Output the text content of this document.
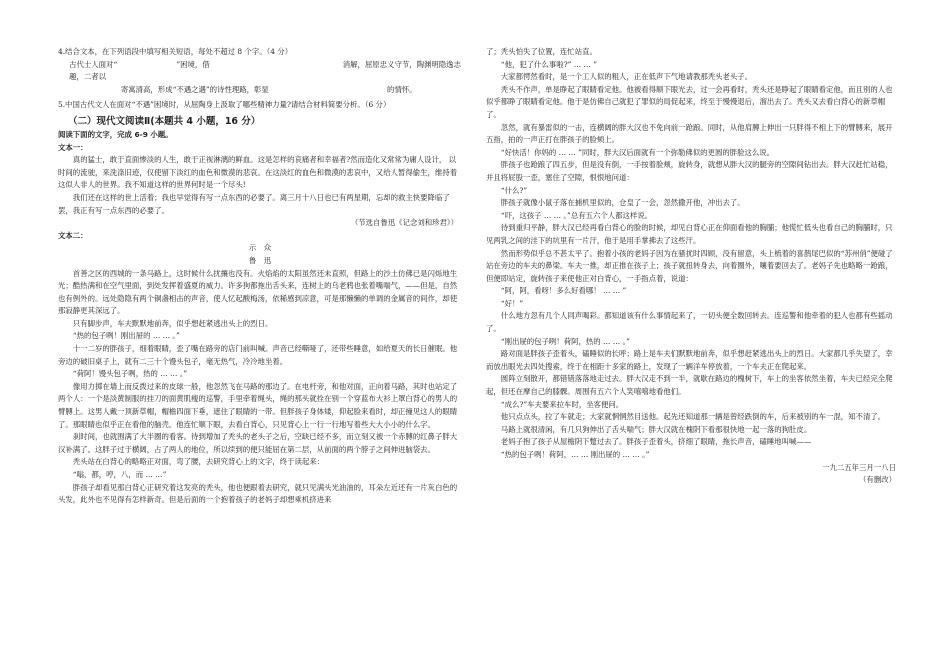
4.结合文本，在下列语段中填写相关短语，每处不超过 8 个字。（4 分）

古代士人面对“　　　　　　　　”困境，借　　　　　　　　　　　　　　　　　　消解，屈原忠义守节，陶渊明隐逸志趣，二者以

　　　　　　　寄寓清高，形成“不遇之遇”的诗性理路，彰显　　　　　　　　　　　　　　　　的情怀。

5.中国古代文人在面对“不遇”困境时，从屈陶身上汲取了哪些精神力量?请结合材料简要分析。（6 分）

（二）现代文阅读Ⅱ(本题共 4 小题，16 分）

阅读下面的文字，完成 6-9 小题。

文本一：

真的猛士，敢于直面惨淡的人生，敢于正视淋漓的鲜血。这是怎样的哀痛者和幸福者?然而造化又常常为庸人设计， 以时间的流驶，来洗涤旧迹，仅使留下淡红的血色和微漠的悲哀。在这淡红的血色和微漠的悲哀中，又给人暂得偷生，维持着这似人非人的世界。我不知道这样的世界何时是一个尽头!

我们还在这样的世上活着；我也早觉得有写一点东西的必要了。离三月十八日也已有两星期，忘却的救主快要降临了罢，我正有写一点东西的必要了。

（节选自鲁迅《记念刘和珍君》）

文本二：

示　众

鲁　迅

首善之区的西城的一条马路上，这时候什么扰攘也没有。火焰焰的太阳虽然还未直照，但路上的沙土仿佛已是闪烁地生光；酷热满和在空气里面，到处发挥着盛夏的威力。许多狗都拖出舌头来，连树上的乌老鸦也张着嘴喘气，——但是，自然也有例外的。远处隐隐有两个铜盏相击的声音，使人忆起酸梅汤，依稀感到凉意，可是那懒懒的单调的金属音的间作，却使那寂静更其深远了。

只有脚步声，车夫默默地前奔，似乎想赶紧逃出头上的烈日。

“热的包子咧！刚出屉的 … … 。”

十一二岁的胖孩子，细着眼睛，歪了嘴在路旁的店门前叫喊。声音已经嘶哑了，还带些睡意，如给夏天的长日催眠。他旁边的破旧桌子上，就有二三十个馒头包子，毫无热气，冷冷地坐着。

“荷阿！馒头包子咧，热的 … … 。”

像用力掷在墙上而反拨过来的皮球一般，他忽然飞在马路的那边了。在电杆旁，和他对面，正向着马路，其时也站定了两个人：一个是淡黄制服的挂刀的面黄肌瘦的巡警，手里牵着绳头，绳的那头就拴在别一个穿蓝布大衫上罩白背心的男人的臂膊上。这男人戴一顶新草帽，帽檐四面下垂，遮住了眼睛的一带。但胖孩子身体矮，仰起脸来看时，却正撞见这人的眼睛了。那眼睛也似乎正在看他的脑壳。他连忙顺下眼，去看白背心，只见背心上一行一行地写着些大大小小的什么字。

刹时间，也就围满了大半圈的看客。待到增加了秃头的老头子之后，空缺已经不多，而立刻又被一个赤膊的红鼻子胖大汉补满了。这胖子过于横阔，占了两人的地位，所以续到的便只能屈在第二层，从前面的两个脖子之间伸进脑袋去。

秃头站在白背心的略略正对面，弯了腰，去研究背心上的文字，终于读起来：

“嗡，都，哼，八，而 … …”

胖孩子却看见那白背心正研究着这发亮的秃头，他也便跟着去研究，就只见满头光油油的，耳朵左近还有一片灰白色的头发，此外也不见得有怎样新奇。但是后面的一个抱着孩子的老妈子却想乘机挤进来

了；秃头怕失了位置，连忙站直。

“他，犯了什么事啦?” … … ”

大家都愕然看时，是一个工人似的粗人，正在低声下气地请教那秃头老头子。

秃头不作声，单是睁起了眼睛看定他。他被看得顺下眼光去，过一会再看时，秃头还是睁起了眼睛看定他，而且别的人也似乎都睁了眼睛看定他。他于是仿佛自己就犯了罪似的局促起来，终至于慢慢退后，溜出去了。秃头又去看白背心的新草帽了。

忽然，就有暴雷似的一击，连横阔的胖大汉也不免向前一跄踉。同时，从他肩膊上伸出一只胖得不相上下的臂膊来，展开五指，拍的一声正打在胖孩子的脸颊上。

“好快活！你妈的 … … ”同时，胖大汉后面就有一个弥勒佛似的更圆的胖脸这么说。

胖孩子也跄踉了四五步，但是没有倒，一手按着脸颊，旋转身，就想从胖大汉的腿旁的空隙间钻出去。胖大汉赶忙站稳，并且将屁股一歪，塞住了空隙，恨恨地问道：

“什么?”

胖孩子就像小鼠子落在捕机里似的，仓皇了一会，忽然撒开他，冲出去了。

“吓，这孩子 … … 。”总有五六个人都这样说。

待到重归平静，胖大汉已经再看白背心的脸的时候，却见白背心正在仰面看他的胸脯；他慌忙低头也看自己的胸脯时，只见两乳之间的洼下的坑里有一片汗，他于是用手掌拂去了这些汗。

然而形势似乎总不甚太平了。抱着小孩的老妈子因为在骚扰时四顾，没有留意，头上梳着的喜鹊尾巴似的“苏州俏”便碰了站在旁边的车夫的鼻梁。车夫一推，却正推在孩子上；孩子就扭转身去，向着圈外，嚷着要回去了。老妈子先也略略一跄踉，但便即站定，旋转孩子来使他正对白背心，一手指点着，说道：

“阿，阿，看呀！多么好看哪！ … … ”

“好！”

什么地方忽有几个人同声喝彩。都知道该有什么事情起来了，一切头便全数回转去。连巡警和他牵着的犯人也都有些摇动了。

“刚出屉的包子咧！荷阿，热的 … … 。”

路对面是胖孩子歪着头，磕睡似的长呼；路上是车夫们默默地前奔，似乎想赶紧逃出头上的烈日。大家都几乎失望了，幸而放出眼光去四处搜索，终于在相距十多家的路上，发现了一辆洋车停放着，一个车夫正在爬起来。

圆阵立刻散开，都错错落落地走过去。胖大汉走不到一半，就歇在路边的槐树下，车上的坐客依然坐着，车夫已经完全爬起，但还在摩自己的膝髁。周围有五六个人笑嘻嘻地看他们。

“成么?”车夫要来拉车时，坐客便问。

他只点点头，拉了车就走；大家就惘惘然目送他。起先还知道那一辆是曾经跌倒的车，后来被别的车一混，知不清了。

马路上就很清闲，有几只狗伸出了舌头喘气；胖大汉就在槐阴下看那很快地一起一落的狗肚皮。

老妈子抱了孩子从屋檐阴下蹩过去了。胖孩子歪着头，挤细了眼睛，拖长声音，磕睡地叫喊——

“热的包子咧！荷阿，… … 刚出屉的 … … 。”

一九二五年三月一八日

（有删改）
